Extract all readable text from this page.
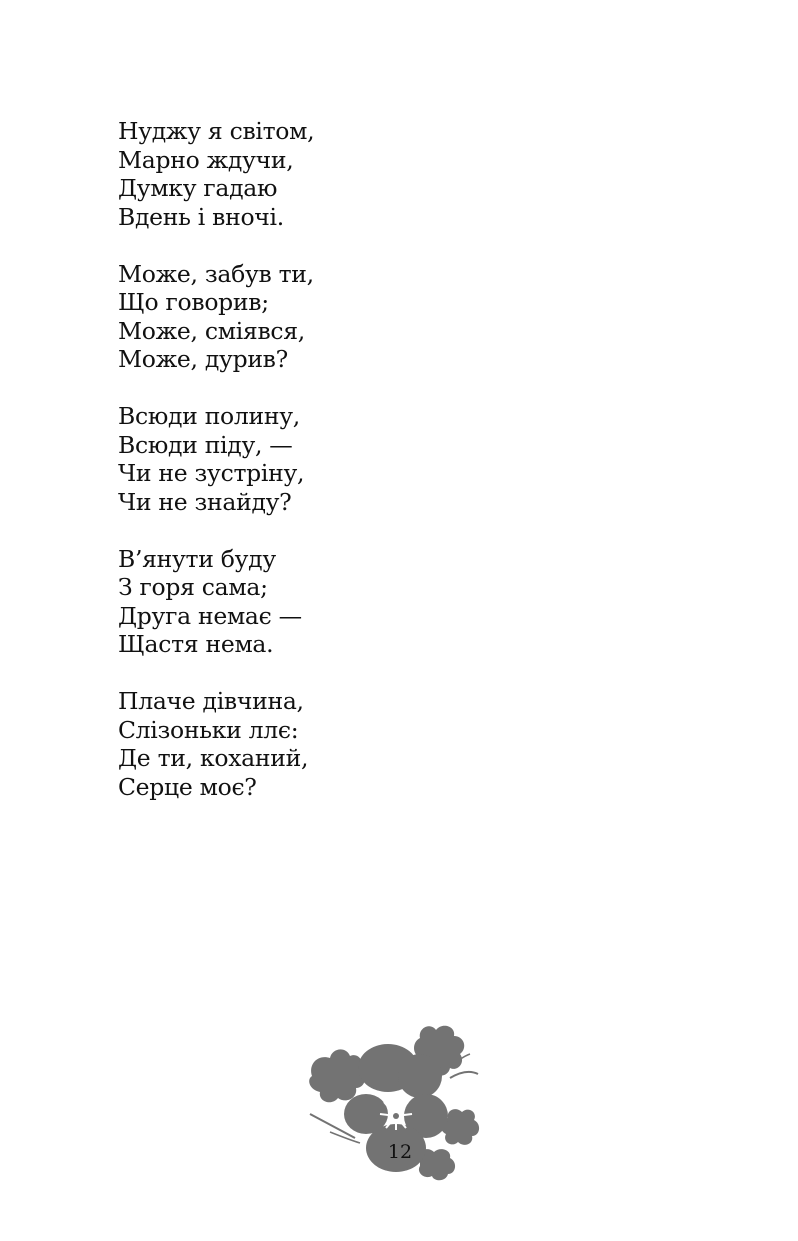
Нуджу я світом,
Марно ждучи,
Думку гадаю
Вдень і вночі.
Може, забув ти,
Що говорив;
Може, сміявся,
Може, дурив?
Всюди полину,
Всюди піду, —
Чи не зустріну,
Чи не знайду?
В’янути буду
З горя сама;
Друга немає —
Щастя нема.
Плаче дівчина,
Слізоньки ллє:
Де ти, коханий,
Серце моє?
12
